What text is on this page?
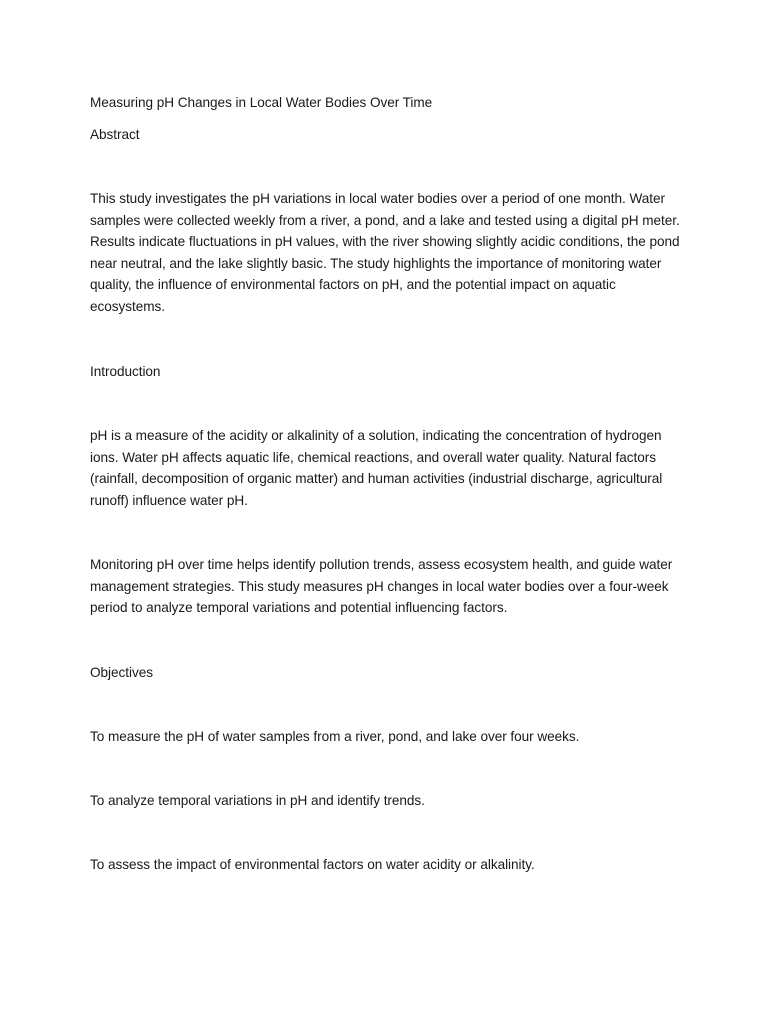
Measuring pH Changes in Local Water Bodies Over Time

Abstract

This study investigates the pH variations in local water bodies over a period of one month. Water samples were collected weekly from a river, a pond, and a lake and tested using a digital pH meter. Results indicate fluctuations in pH values, with the river showing slightly acidic conditions, the pond near neutral, and the lake slightly basic. The study highlights the importance of monitoring water quality, the influence of environmental factors on pH, and the potential impact on aquatic ecosystems.

Introduction

pH is a measure of the acidity or alkalinity of a solution, indicating the concentration of hydrogen ions. Water pH affects aquatic life, chemical reactions, and overall water quality. Natural factors (rainfall, decomposition of organic matter) and human activities (industrial discharge, agricultural runoff) influence water pH.

Monitoring pH over time helps identify pollution trends, assess ecosystem health, and guide water management strategies. This study measures pH changes in local water bodies over a four-week period to analyze temporal variations and potential influencing factors.

Objectives

To measure the pH of water samples from a river, pond, and lake over four weeks.

To analyze temporal variations in pH and identify trends.

To assess the impact of environmental factors on water acidity or alkalinity.
